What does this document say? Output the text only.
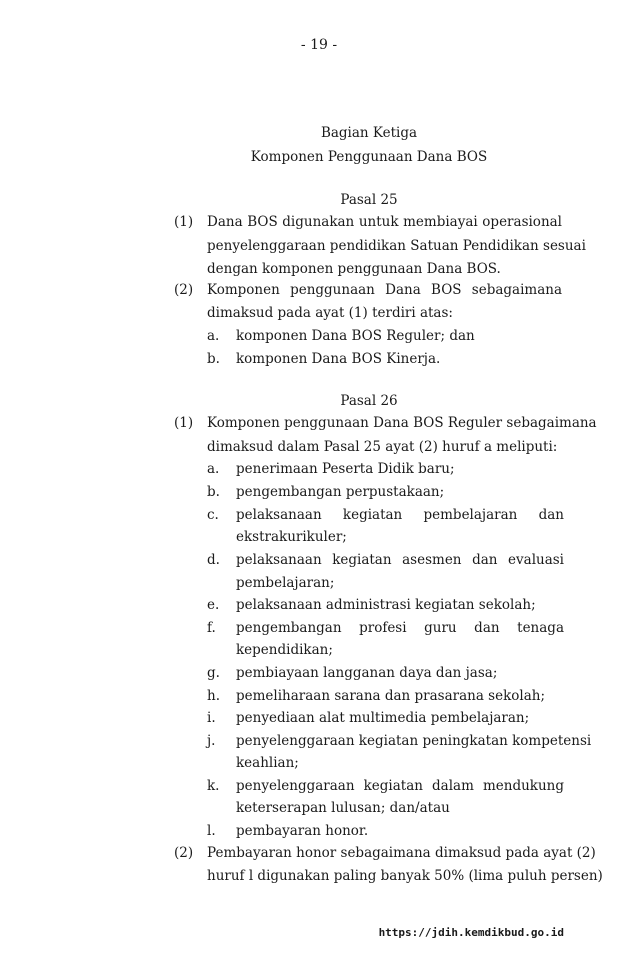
- 19 -
Bagian Ketiga
Komponen Penggunaan Dana BOS
Pasal 25
(1) Dana BOS digunakan untuk membiayai operasional
penyelenggaraan pendidikan Satuan Pendidikan sesuai
dengan komponen penggunaan Dana BOS.
(2) Komponen penggunaan Dana BOS sebagaimana
dimaksud pada ayat (1) terdiri atas:
a. komponen Dana BOS Reguler; dan
b. komponen Dana BOS Kinerja.
Pasal 26
(1) Komponen penggunaan Dana BOS Reguler sebagaimana
dimaksud dalam Pasal 25 ayat (2) huruf a meliputi:
a. penerimaan Peserta Didik baru;
b. pengembangan perpustakaan;
c. pelaksanaan kegiatan pembelajaran dan
ekstrakurikuler;
d. pelaksanaan kegiatan asesmen dan evaluasi
pembelajaran;
e. pelaksanaan administrasi kegiatan sekolah;
f. pengembangan profesi guru dan tenaga
kependidikan;
g. pembiayaan langganan daya dan jasa;
h. pemeliharaan sarana dan prasarana sekolah;
i. penyediaan alat multimedia pembelajaran;
j. penyelenggaraan kegiatan peningkatan kompetensi
keahlian;
k. penyelenggaraan kegiatan dalam mendukung
keterserapan lulusan; dan/atau
l. pembayaran honor.
(2) Pembayaran honor sebagaimana dimaksud pada ayat (2)
huruf l digunakan paling banyak 50% (lima puluh persen)
https://jdih.kemdikbud.go.id
